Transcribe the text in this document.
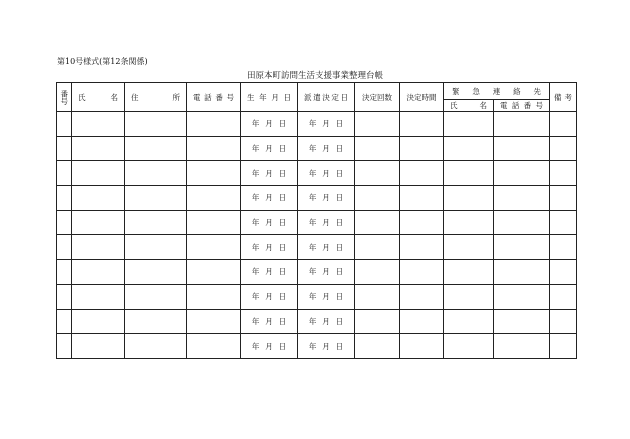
第10号様式(第12条関係)
田原本町訪問生活支援事業整理台帳
番号	氏 名	住 所	電 話 番 号	生 年 月 日	派 遣 決 定 日	決定回数	決定時間	緊 急 連 絡 先		備 考

								氏 名	電 話 番 号	

				年 月 日	年 月 日					

				年 月 日	年 月 日					

				年 月 日	年 月 日					

				年 月 日	年 月 日					

				年 月 日	年 月 日					

				年 月 日	年 月 日					

				年 月 日	年 月 日					

				年 月 日	年 月 日					

				年 月 日	年 月 日					

				年 月 日	年 月 日					
